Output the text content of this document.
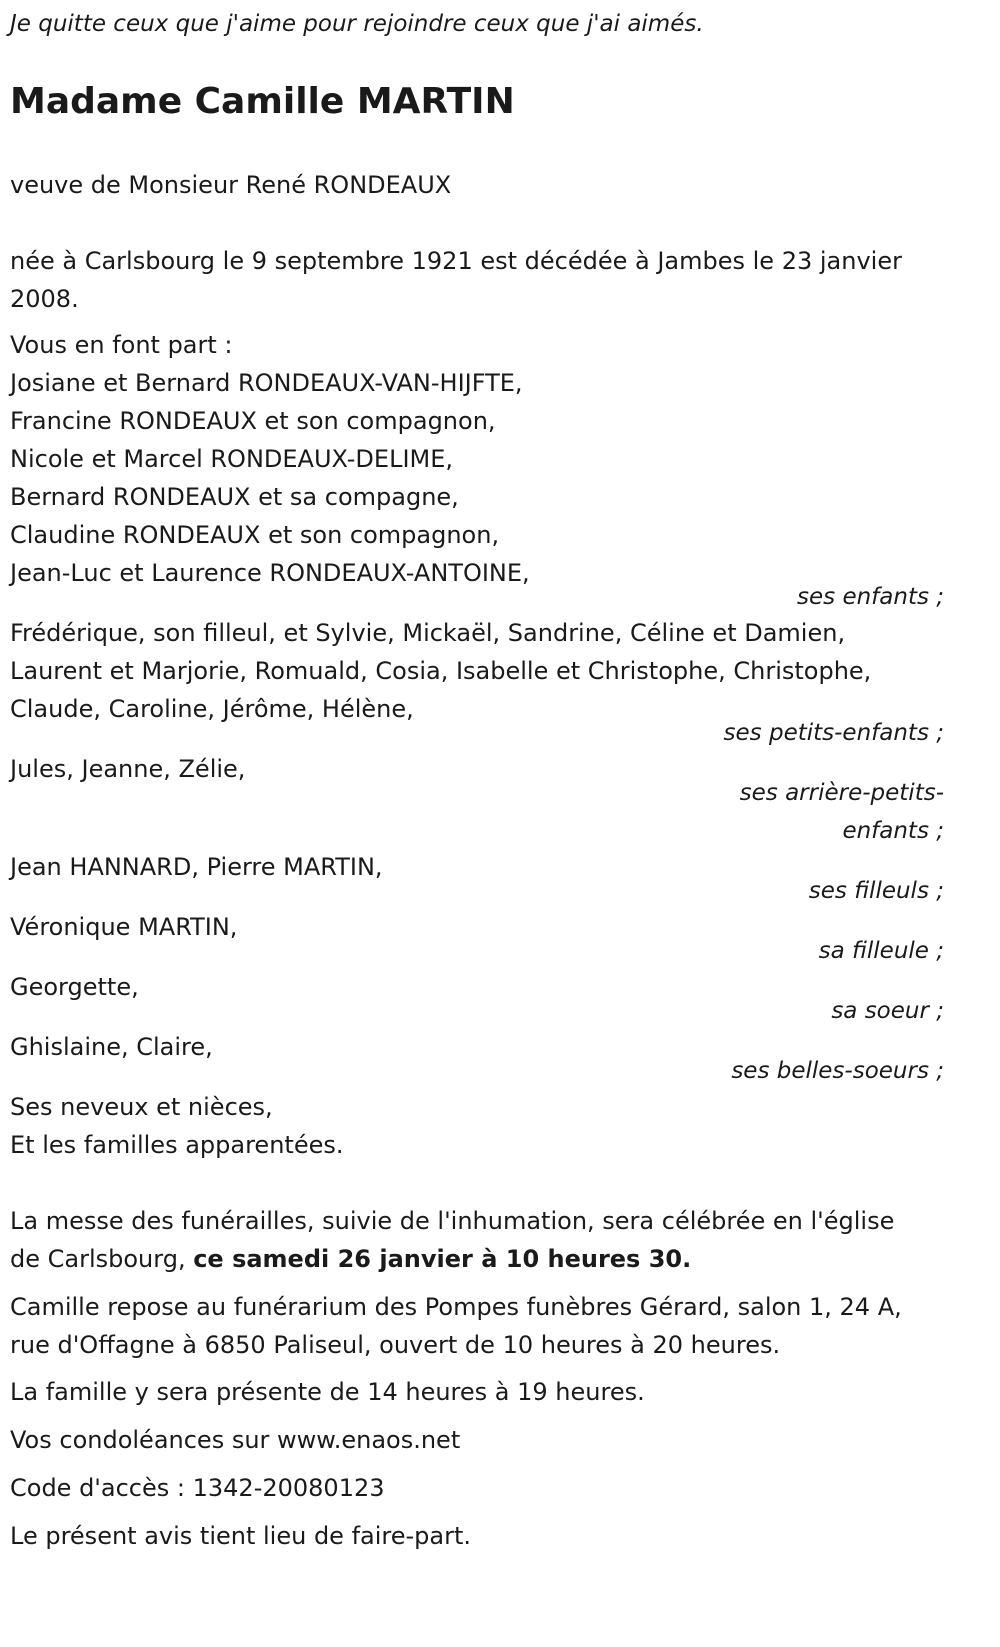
Je quitte ceux que j'aime pour rejoindre ceux que j'ai aimés.
Madame Camille MARTIN
veuve de Monsieur René RONDEAUX
née à Carlsbourg le 9 septembre 1921 est décédée à Jambes le 23 janvier
2008.
Vous en font part :
Josiane et Bernard RONDEAUX-VAN-HIJFTE,
Francine RONDEAUX et son compagnon,
Nicole et Marcel RONDEAUX-DELIME,
Bernard RONDEAUX et sa compagne,
Claudine RONDEAUX et son compagnon,
Jean-Luc et Laurence RONDEAUX-ANTOINE,
ses enfants ;
Frédérique, son filleul, et Sylvie, Mickaël, Sandrine, Céline et Damien,
Laurent et Marjorie, Romuald, Cosia, Isabelle et Christophe, Christophe,
Claude, Caroline, Jérôme, Hélène,
ses petits-enfants ;
Jules, Jeanne, Zélie,
ses arrière-petits-
enfants ;
Jean HANNARD, Pierre MARTIN,
ses filleuls ;
Véronique MARTIN,
sa filleule ;
Georgette,
sa soeur ;
Ghislaine, Claire,
ses belles-soeurs ;
Ses neveux et nièces,
Et les familles apparentées.
La messe des funérailles, suivie de l'inhumation, sera célébrée en l'église
de Carlsbourg, ce samedi 26 janvier à 10 heures 30.
Camille repose au funérarium des Pompes funèbres Gérard, salon 1, 24 A,
rue d'Offagne à 6850 Paliseul, ouvert de 10 heures à 20 heures.
La famille y sera présente de 14 heures à 19 heures.
Vos condoléances sur www.enaos.net
Code d'accès : 1342-20080123
Le présent avis tient lieu de faire-part.
